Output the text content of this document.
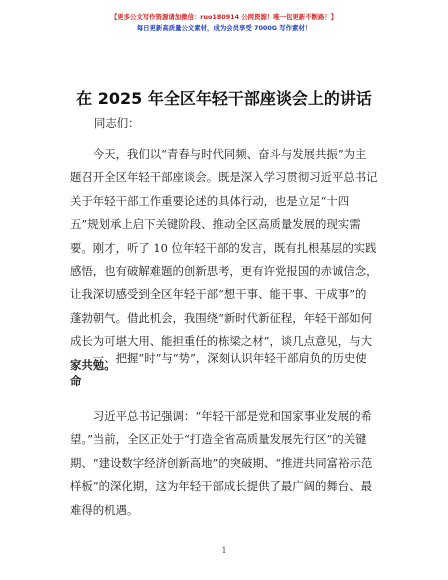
【更多公文写作资源请加微信：ruo180914 公网资源！唯一包更新不断路！】
每日更新高质量公文素材，成为会员享受 7000G 写作素材！
在 2025 年全区年轻干部座谈会上的讲话
同志们：
今天，我们以“青春与时代同频、奋斗与发展共振”为主
题召开全区年轻干部座谈会。既是深入学习贯彻习近平总书记
关于年轻干部工作重要论述的具体行动，也是立足“十四
五”规划承上启下关键阶段、推动全区高质量发展的现实需
要。刚才，听了 10 位年轻干部的发言，既有扎根基层的实践
感悟，也有破解难题的创新思考，更有许党报国的赤诚信念，
让我深切感受到全区年轻干部“想干事、能干事、干成事”的
蓬勃朝气。借此机会，我围绕“新时代新征程，年轻干部如何
成长为可堪大用、能担重任的栋梁之材”，谈几点意见，与大
家共勉。
一、把握“时”与“势”，深刻认识年轻干部肩负的历史使
命
习近平总书记强调：“年轻干部是党和国家事业发展的希
望。”当前，全区正处于“打造全省高质量发展先行区”的关键
期、“建设数字经济创新高地”的突破期、“推进共同富裕示范
样板”的深化期，这为年轻干部成长提供了最广阔的舞台、最
难得的机遇。
1
